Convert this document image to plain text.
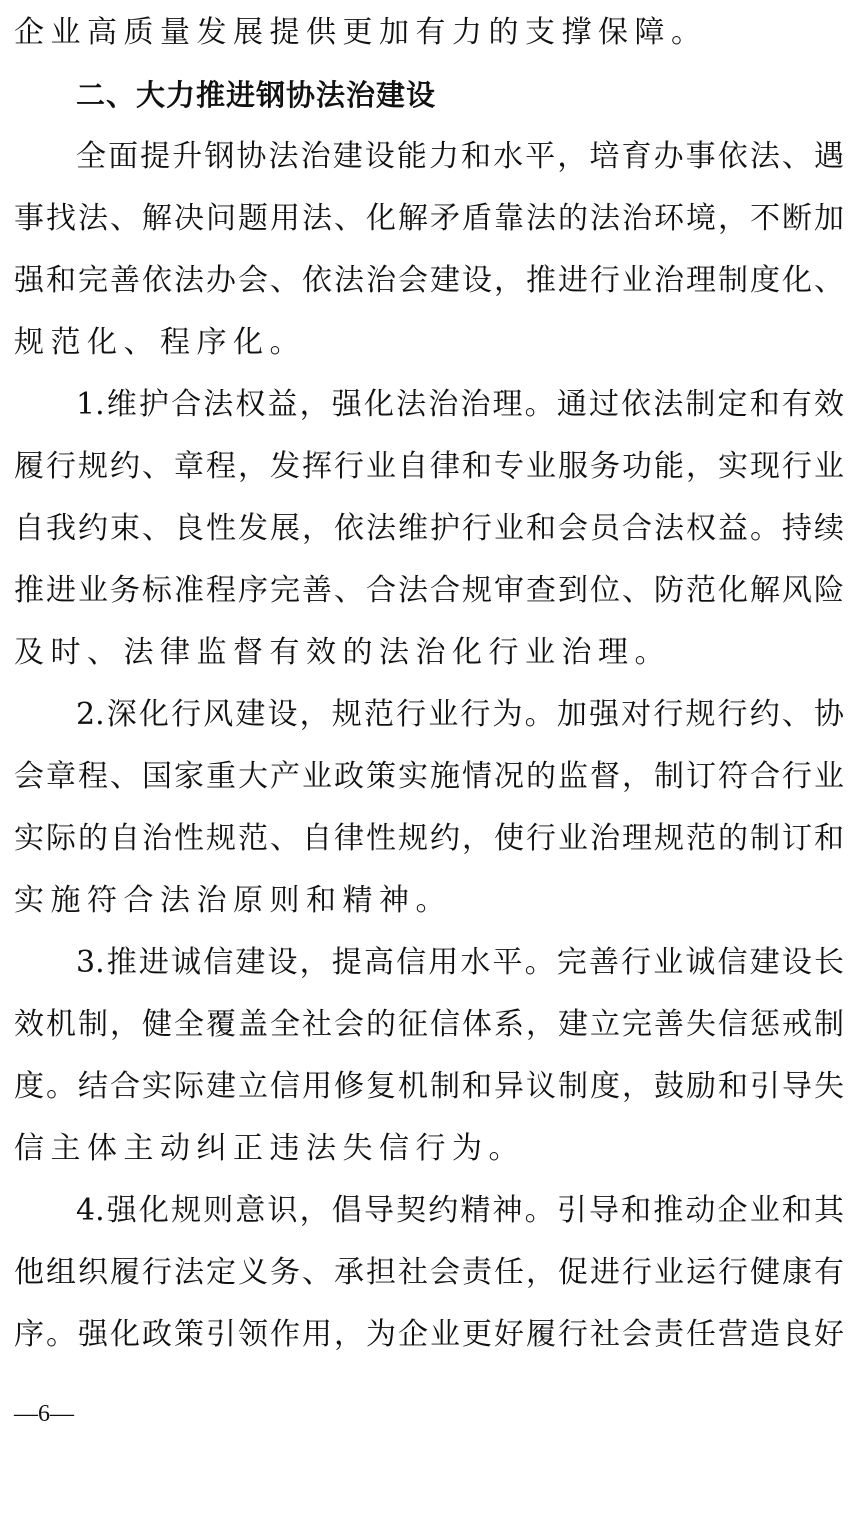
企业高质量发展提供更加有力的支撑保障。
二、大力推进钢协法治建设
全面提升钢协法治建设能力和水平，培育办事依法、遇
事找法、解决问题用法、化解矛盾靠法的法治环境，不断加
强和完善依法办会、依法治会建设，推进行业治理制度化、
规范化、程序化。
1.维护合法权益，强化法治治理。通过依法制定和有效
履行规约、章程，发挥行业自律和专业服务功能，实现行业
自我约束、良性发展，依法维护行业和会员合法权益。持续
推进业务标准程序完善、合法合规审查到位、防范化解风险
及时、法律监督有效的法治化行业治理。
2.深化行风建设，规范行业行为。加强对行规行约、协
会章程、国家重大产业政策实施情况的监督，制订符合行业
实际的自治性规范、自律性规约，使行业治理规范的制订和
实施符合法治原则和精神。
3.推进诚信建设，提高信用水平。完善行业诚信建设长
效机制，健全覆盖全社会的征信体系，建立完善失信惩戒制
度。结合实际建立信用修复机制和异议制度，鼓励和引导失
信主体主动纠正违法失信行为。
4.强化规则意识，倡导契约精神。引导和推动企业和其
他组织履行法定义务、承担社会责任，促进行业运行健康有
序。强化政策引领作用，为企业更好履行社会责任营造良好
—6—
